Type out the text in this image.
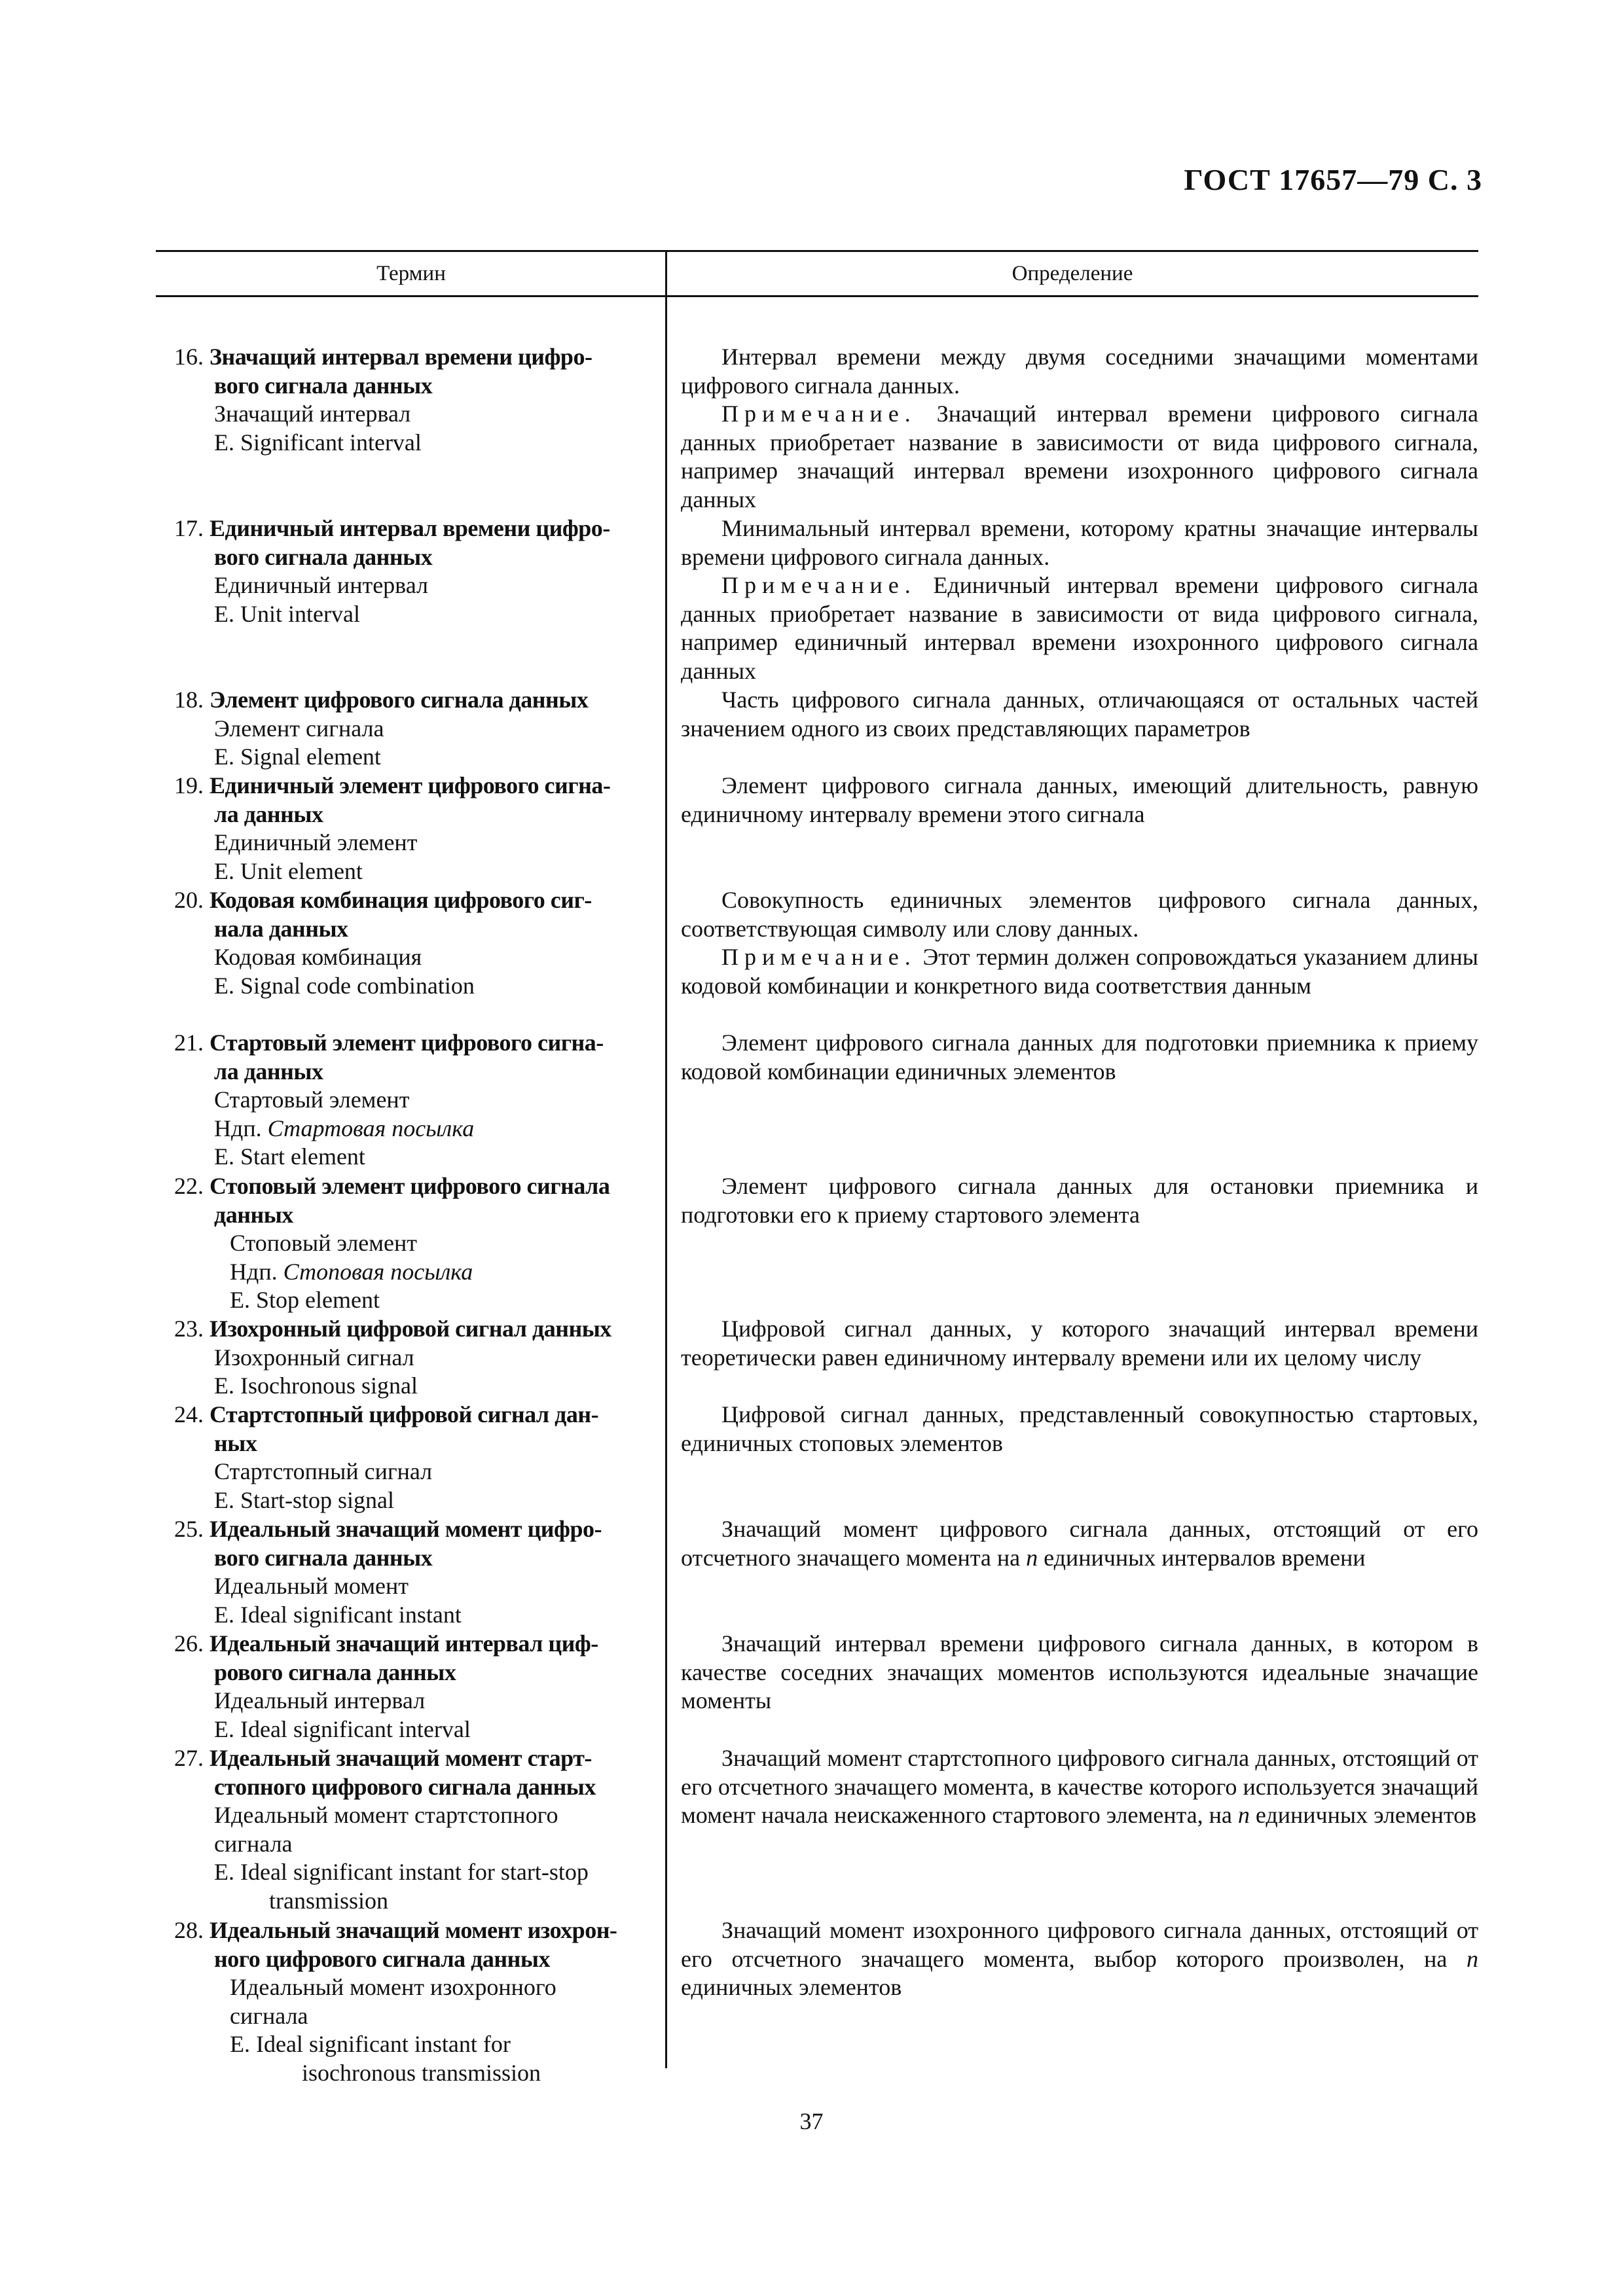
ГОСТ 17657—79 С. 3
Термин	Определение
16. Значащий интервал времени цифро-
вого сигнала данных
Значащий интервал
E. Significant interval

Интервал времени между двумя соседними значащими моментами цифрового сигнала данных.

Примечание. Значащий интервал времени цифрового сигнала данных приобретает название в зависимости от вида цифрового сигнала, например значащий интервал времени изохронного цифрового сигнала данных

17. Единичный интервал времени цифро-
вого сигнала данных
Единичный интервал
E. Unit interval

Минимальный интервал времени, которому кратны значащие интервалы времени цифрового сигнала данных.

Примечание. Единичный интервал времени цифрового сигнала данных приобретает название в зависимости от вида цифрового сигнала, например единичный интервал времени изохронного цифрового сигнала данных

18. Элемент цифрового сигнала данных
Элемент сигнала
E. Signal element

Часть цифрового сигнала данных, отличающаяся от остальных частей значением одного из своих представляющих параметров

19. Единичный элемент цифрового сигна-
ла данных
Единичный элемент
E. Unit element

Элемент цифрового сигнала данных, имеющий длительность, равную единичному интервалу времени этого сигнала

20. Кодовая комбинация цифрового сиг-
нала данных
Кодовая комбинация
E. Signal code combination

Совокупность единичных элементов цифрового сигнала данных, соответствующая символу или слову данных.

Примечание. Этот термин должен сопровождаться указанием длины кодовой комбинации и конкретного вида соответствия данным

21. Стартовый элемент цифрового сигна-
ла данных
Стартовый элемент
Ндп. Стартовая посылка
E. Start element

Элемент цифрового сигнала данных для подготовки приемника к приему кодовой комбинации единичных элементов

22. Стоповый элемент цифрового сигнала
данных
Стоповый элемент
Ндп. Стоповая посылка
E. Stop element

Элемент цифрового сигнала данных для остановки приемника и подготовки его к приему стартового элемента

23. Изохронный цифровой сигнал данных
Изохронный сигнал
E. Isochronous signal

Цифровой сигнал данных, у которого значащий интервал времени теоретически равен единичному интервалу времени или их целому числу

24. Стартстопный цифровой сигнал дан-
ных
Стартстопный сигнал
E. Start-stop signal

Цифровой сигнал данных, представленный совокупностью стартовых, единичных стоповых элементов

25. Идеальный значащий момент цифро-
вого сигнала данных
Идеальный момент
E. Ideal significant instant

Значащий момент цифрового сигнала данных, отстоящий от его отсчетного значащего момента на n единичных интервалов времени

26. Идеальный значащий интервал циф-
рового сигнала данных
Идеальный интервал
E. Ideal significant interval

Значащий интервал времени цифрового сигнала данных, в котором в качестве соседних значащих моментов используются идеальные значащие моменты

27. Идеальный значащий момент старт-
стопного цифрового сигнала данных
Идеальный момент стартстопного
сигнала
E. Ideal significant instant for start-stop
transmission

Значащий момент стартстопного цифрового сигнала данных, отстоящий от его отсчетного значащего момента, в качестве которого используется значащий момент начала неискаженного стартового элемента, на n единичных элементов

28. Идеальный значащий момент изохрон-
ного цифрового сигнала данных
Идеальный момент изохронного
сигнала
E. Ideal significant instant for
isochronous transmission

Значащий момент изохронного цифрового сигнала данных, отстоящий от его отсчетного значащего момента, выбор которого произволен, на n единичных элементов

37
